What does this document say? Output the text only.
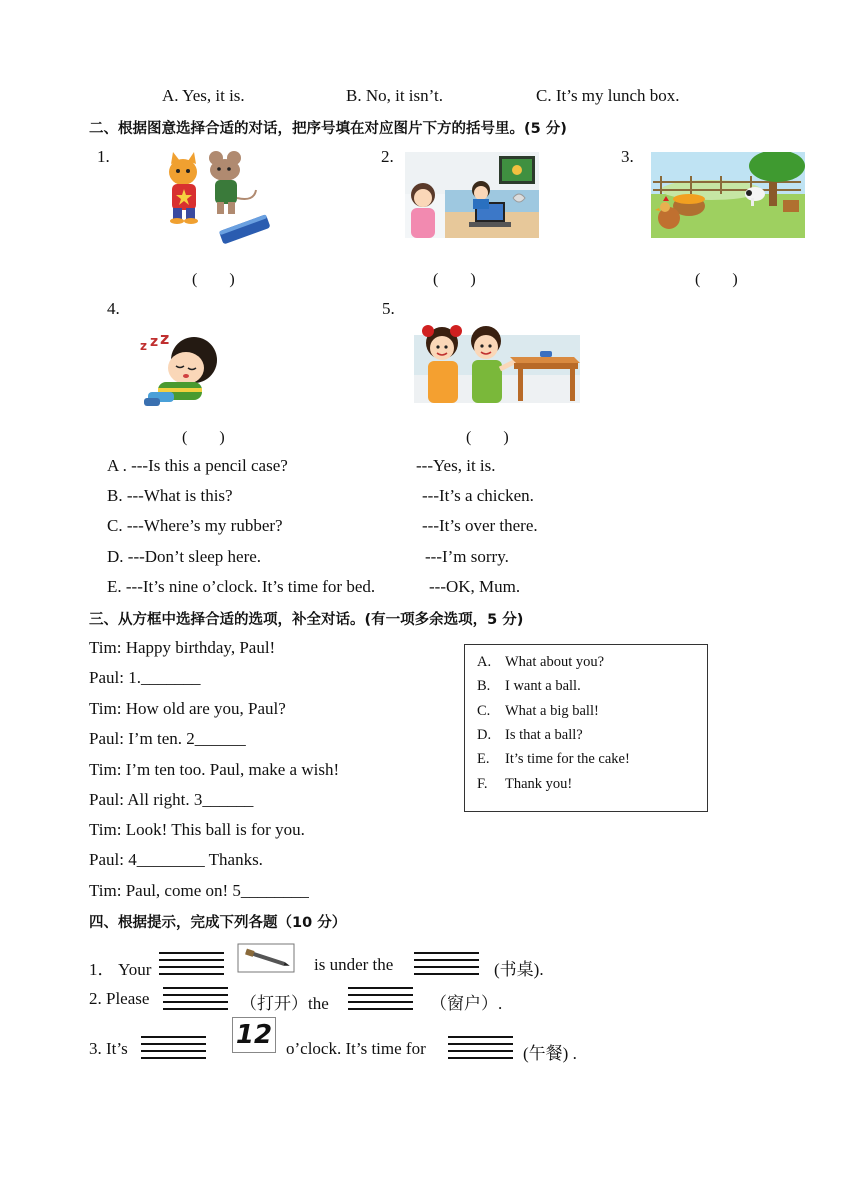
A. Yes, it is.	B. No, it isn’t.	C. It’s my lunch box.
二、根据图意选择合适的对话，把序号填在对应图片下方的括号里。(5 分)
1.	2.	3.
4.	5.
z z z
(　　)	(　　)	(　　)
(　　)	(　　)
A . ---Is this a pencil case?	---Yes, it is.
B. ---What is this?	---It’s a chicken.
C. ---Where’s my rubber?	---It’s over there.
D. ---Don’t sleep here.	---I’m sorry.
E. ---It’s nine o’clock. It’s time for bed.	---OK, Mum.
三、从方框中选择合适的选项，补全对话。(有一项多余选项，5 分)
Tim: Happy birthday, Paul!
Paul: 1._______
Tim: How old are you, Paul?
Paul: I’m ten. 2______
Tim: I’m ten too. Paul, make a wish!
Paul: All right. 3______
Tim: Look! This ball is for you.
Paul: 4________ Thanks.
Tim: Paul, come on! 5________
A. What about you?
B. I want a ball.
C. What a big ball!
D. Is that a ball?
E. It’s time for the cake!
F. Thank you!
四、根据提示，完成下列各题（10 分）
1． Your	is under the	(书桌).
2. Please	（打开）the	（窗户）.
3. It’s	12 o’clock. It’s time for	(午餐) .
